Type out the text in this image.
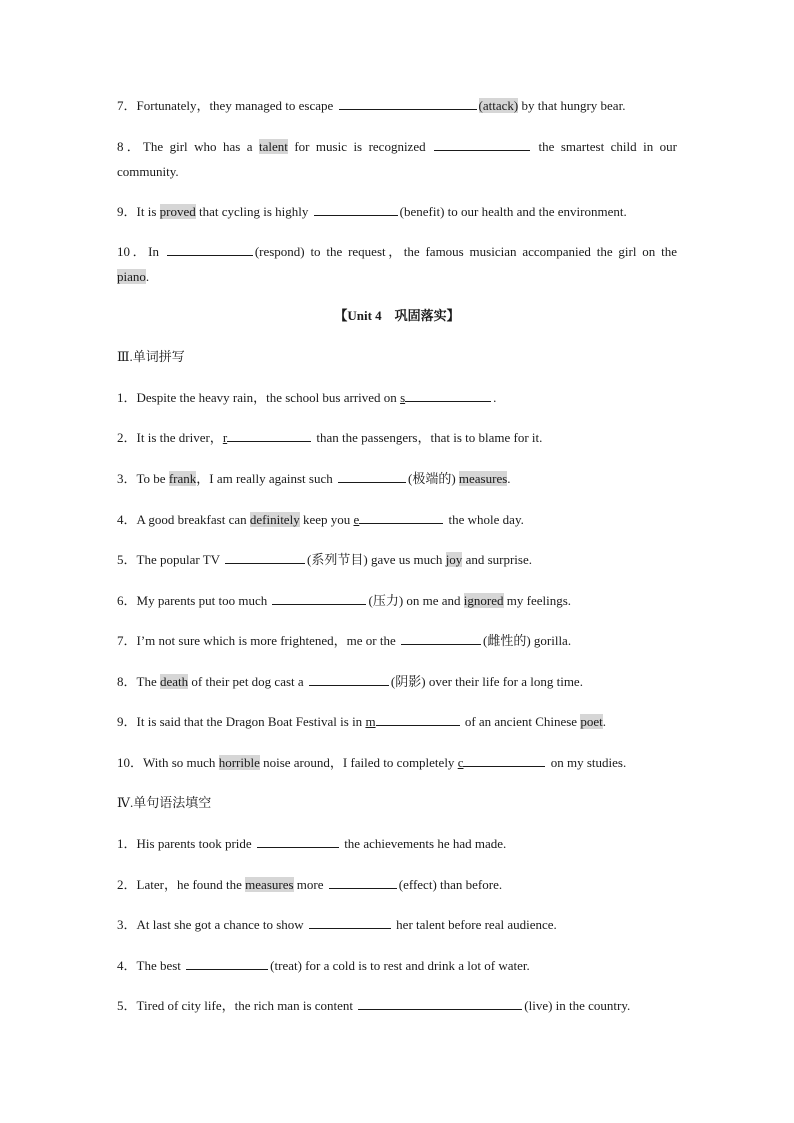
7．Fortunately，they managed to escape	(attack) by that hungry bear.
8．The girl who has a talent for music is recognized	the smartest child in our
community.
9．It is proved that cycling is highly	(benefit) to our health and the environment.
10．In	(respond) to the request，the famous musician accompanied the girl on the
piano.
【Unit 4　巩固落实】
Ⅲ.单词拼写
1．Despite the heavy rain，the school bus arrived on s	.
2．It is the driver，r	than the passengers，that is to blame for it.
3．To be frank，I am really against such	(极端的) measures.
4．A good breakfast can definitely keep you e	the whole day.
5．The popular TV	(系列节目) gave us much joy and surprise.
6．My parents put too much	(压力) on me and ignored my feelings.
7．I’m not sure which is more frightened，me or the	(雌性的) gorilla.
8．The death of their pet dog cast a	(阴影) over their life for a long time.
9．It is said that the Dragon Boat Festival is in m	of an ancient Chinese poet.
10．With so much horrible noise around，I failed to completely c	on my studies.
Ⅳ.单句语法填空
1．His parents took pride	the achievements he had made.
2．Later，he found the measures more	(effect) than before.
3．At last she got a chance to show	her talent before real audience.
4．The best	(treat) for a cold is to rest and drink a lot of water.
5．Tired of city life，the rich man is content	(live) in the country.
